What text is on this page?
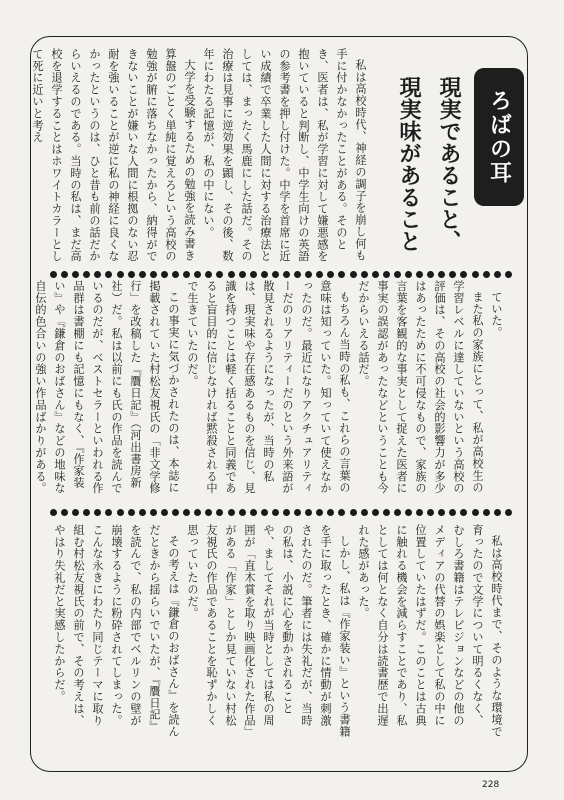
ろばの耳
現実であること、
現実味があること

私は高校時代、神経の調子を崩し何も手に付かなかったことがある。そのとき、医者は、私が学習に対して嫌悪感を抱いていると判断し、中学生向けの英語の参考書を押し付けた。中学を首席に近い成績で卒業した人間に対する治療法としては、まったく馬鹿にした話だ。その治療は見事に逆効果を顕し、その後、数年にわたる記憶が、私の中にない。

大学を受験するための勉強を読み書き算盤のごとく単純に覚えろという高校の勉強が腑に落ちなかったから、納得ができないことが嫌いな人間に根拠のない忍耐を強いることが逆に私の神経に良くなかったというのは、ひと昔も前の話だからいえるのである。当時の私は、まだ高校を退学することはホワイトカラーとして死に近いと考え

ていた。

また私の家族にとって、私が高校生の学習レベルに達していないという高校の評価は、その高校の社会的影響力が多少はあったために不可侵なもので、家族の言葉を客観的な事実として捉えた医者に事実の誤認があったなどということも今だからいえる話だ。

もちろん当時の私も、これらの言葉の意味は知っていた。知っていて使えなかったのだ。最近になりアクチュアリティーだのリアリティーだのという外来語が散見されるようになったが、当時の私は、現実味や存在感あるものを信じ、見識を持つことは軽く括ることと同義であると盲目的に信じなければ黙殺される中で生きていたのだ。

この事実に気づかされたのは、本誌に掲載されていた村松友視氏の「非文学修行」を改稿した『贋日記』（河出書房新社）だ。私は以前にも氏の作品を読んでいるのだが、ベストセラーといわれる作品群は書棚にも記憶にもなく、『作家装い』や『鎌倉のおばさん』などの地味な自伝的色合いの強い作品ばかりがある。

私は高校時代まで、そのような環境で育ったので文学について明るくなく、むしろ書籍はテレビジョンなどの他のメディアの代替の娯楽として私の中に位置していたはずだ。このことは古典に触れる機会を減らすことであり、私としては何となく自分は読書歴で出遅れた感があった。

しかし、私は『作家装い』という書籍を手に取ったとき、確かに情動が刺激されたのだ。筆者には失礼だが、当時の私は、小説に心を動かされることや、ましてそれが当時としては私の周囲が「直木賞を取り映画化された作品」がある「作家」としか見ていない村松友視氏の作品であることを恥ずかしく思っていたのだ。

その考えは『鎌倉のおばさん』を読んだときから揺らいでいたが、『贋日記』を読んで、私の内部でベルリンの壁が崩壊するように粉砕されてしまった。こんな永きにわたり同じテーマに取り組む村松友視氏の前で、その考えは、やはり失礼だと実感したからだ。

228
